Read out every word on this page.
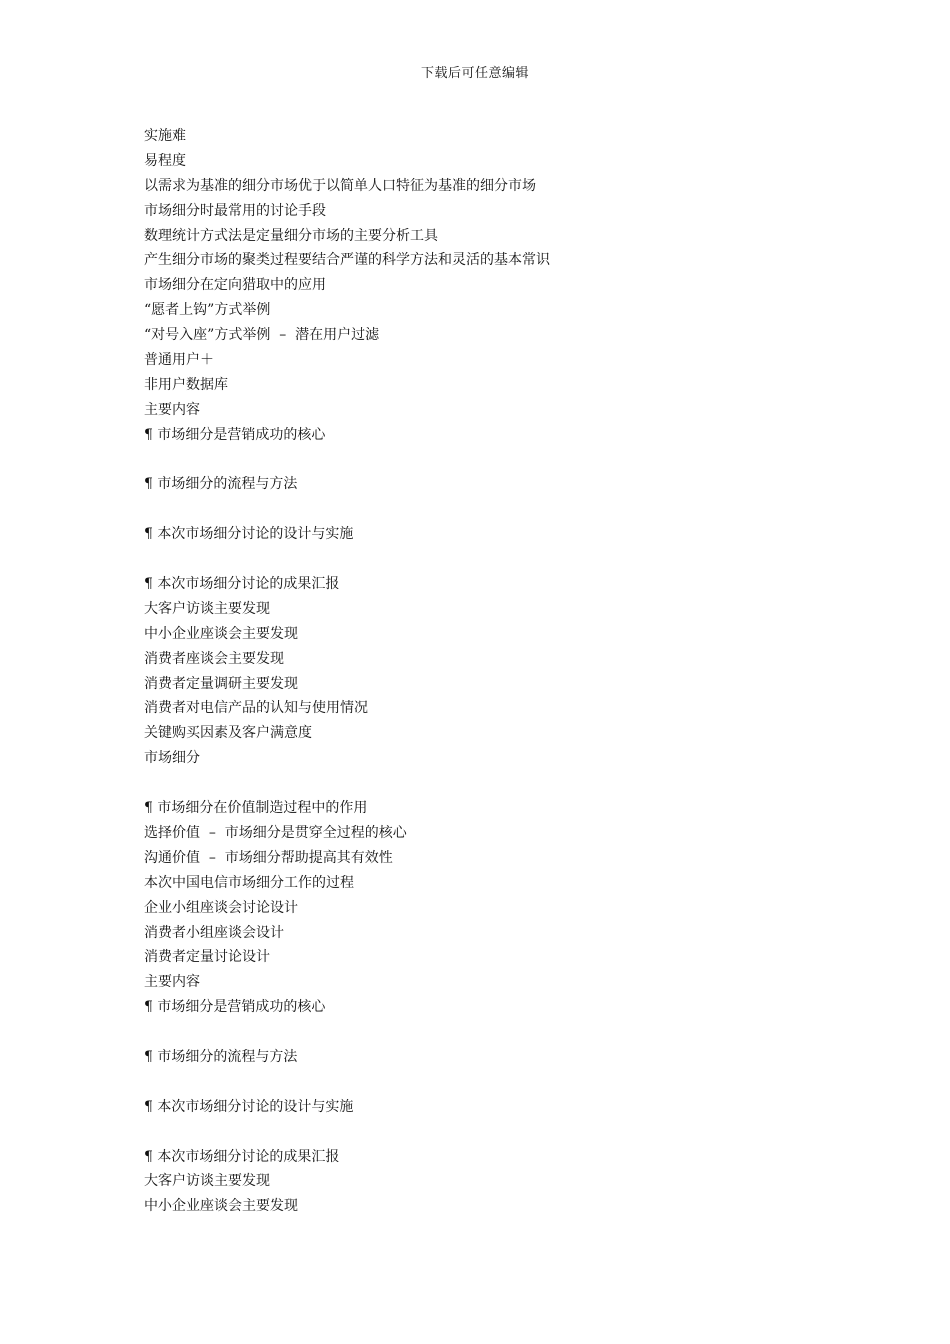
下载后可任意编辑
实施难
易程度
以需求为基准的细分市场优于以简单人口特征为基准的细分市场
市场细分时最常用的讨论手段
数理统计方式法是定量细分市场的主要分析工具
产生细分市场的聚类过程要结合严谨的科学方法和灵活的基本常识
市场细分在定向猎取中的应用
“愿者上钩”方式举例
“对号入座”方式举例  –  潜在用户过滤
普通用户＋
非用户数据库
主要内容
¶ 市场细分是营销成功的核心
¶ 市场细分的流程与方法
¶ 本次市场细分讨论的设计与实施
¶ 本次市场细分讨论的成果汇报
大客户访谈主要发现
中小企业座谈会主要发现
消费者座谈会主要发现
消费者定量调研主要发现
消费者对电信产品的认知与使用情况
关键购买因素及客户满意度
市场细分
¶ 市场细分在价值制造过程中的作用
选择价值  –  市场细分是贯穿全过程的核心
沟通价值  –  市场细分帮助提高其有效性
本次中国电信市场细分工作的过程
企业小组座谈会讨论设计
消费者小组座谈会设计
消费者定量讨论设计
主要内容
¶ 市场细分是营销成功的核心
¶ 市场细分的流程与方法
¶ 本次市场细分讨论的设计与实施
¶ 本次市场细分讨论的成果汇报
大客户访谈主要发现
中小企业座谈会主要发现
